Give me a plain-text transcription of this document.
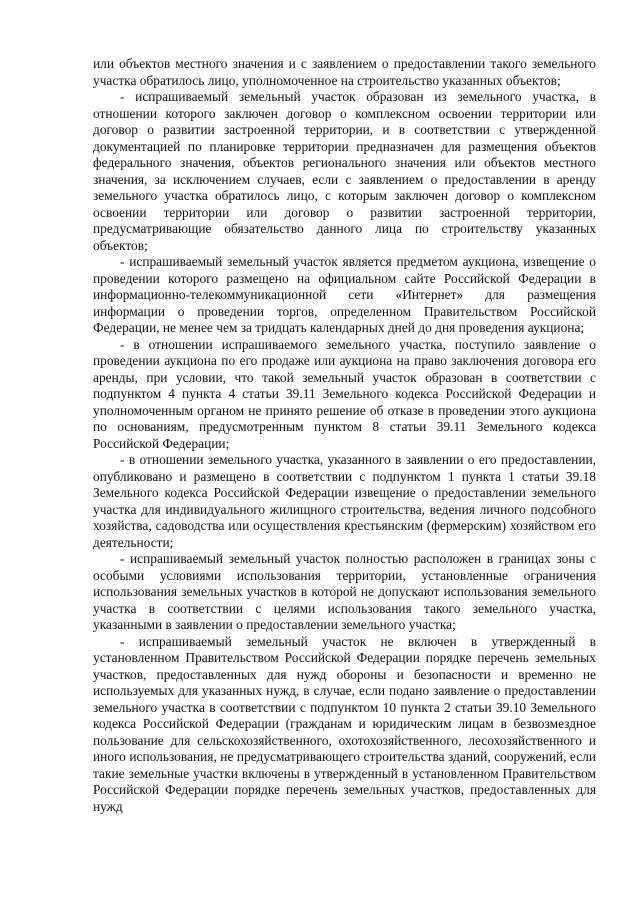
или объектов местного значения и с заявлением о предоставлении такого земельного участка обратилось лицо, уполномоченное на строительство указанных объектов;

- испрашиваемый земельный участок образован из земельного участка, в отношении которого заключен договор о комплексном освоении территории или договор о развитии застроенной территории, и в соответствии с утвержденной документацией по планировке территории предназначен для размещения объектов федерального значения, объектов регионального значения или объектов местного значения, за исключением случаев, если с заявлением о предоставлении в аренду земельного участка обратилось лицо, с которым заключен договор о комплексном освоении территории или договор о развитии застроенной территории, предусматривающие обязательство данного лица по строительству указанных объектов;

- испрашиваемый земельный участок является предметом аукциона, извещение о проведении которого размещено на официальном сайте Российской Федерации в информационно-телекоммуникационной сети «Интернет» для размещения информации о проведении торгов, определенном Правительством Российской Федерации, не менее чем за тридцать календарных дней до дня проведения аукциона;

- в отношении испрашиваемого земельного участка, поступило заявление о проведении аукциона по его продаже или аукциона на право заключения договора его аренды, при условии, что такой земельный участок образован в соответствии с подпунктом 4 пункта 4 статьи 39.11 Земельного кодекса Российской Федерации и уполномоченным органом не принято решение об отказе в проведении этого аукциона по основаниям, предусмотренным пунктом 8 статьи 39.11 Земельного кодекса Российской Федерации;

- в отношении земельного участка, указанного в заявлении о его предоставлении, опубликовано и размещено в соответствии с подпунктом 1 пункта 1 статьи 39.18 Земельного кодекса Российской Федерации извещение о предоставлении земельного участка для индивидуального жилищного строительства, ведения личного подсобного хозяйства, садоводства или осуществления крестьянским (фермерским) хозяйством его деятельности;

- испрашиваемый земельный участок полностью расположен в границах зоны с особыми условиями использования территории, установленные ограничения использования земельных участков в которой не допускают использования земельного участка в соответствии с целями использования такого земельного участка, указанными в заявлении о предоставлении земельного участка;

- испрашиваемый земельный участок не включен в утвержденный в установленном Правительством Российской Федерации порядке перечень земельных участков, предоставленных для нужд обороны и безопасности и временно не используемых для указанных нужд, в случае, если подано заявление о предоставлении земельного участка в соответствии с подпунктом 10 пункта 2 статьи 39.10 Земельного кодекса Российской Федерации (гражданам и юридическим лицам в безвозмездное пользование для сельскохозяйственного, охотохозяйственного, лесохозяйственного и иного использования, не предусматривающего строительства зданий, сооружений, если такие земельные участки включены в утвержденный в установленном Правительством Российской Федерации порядке перечень земельных участков, предоставленных для нужд
